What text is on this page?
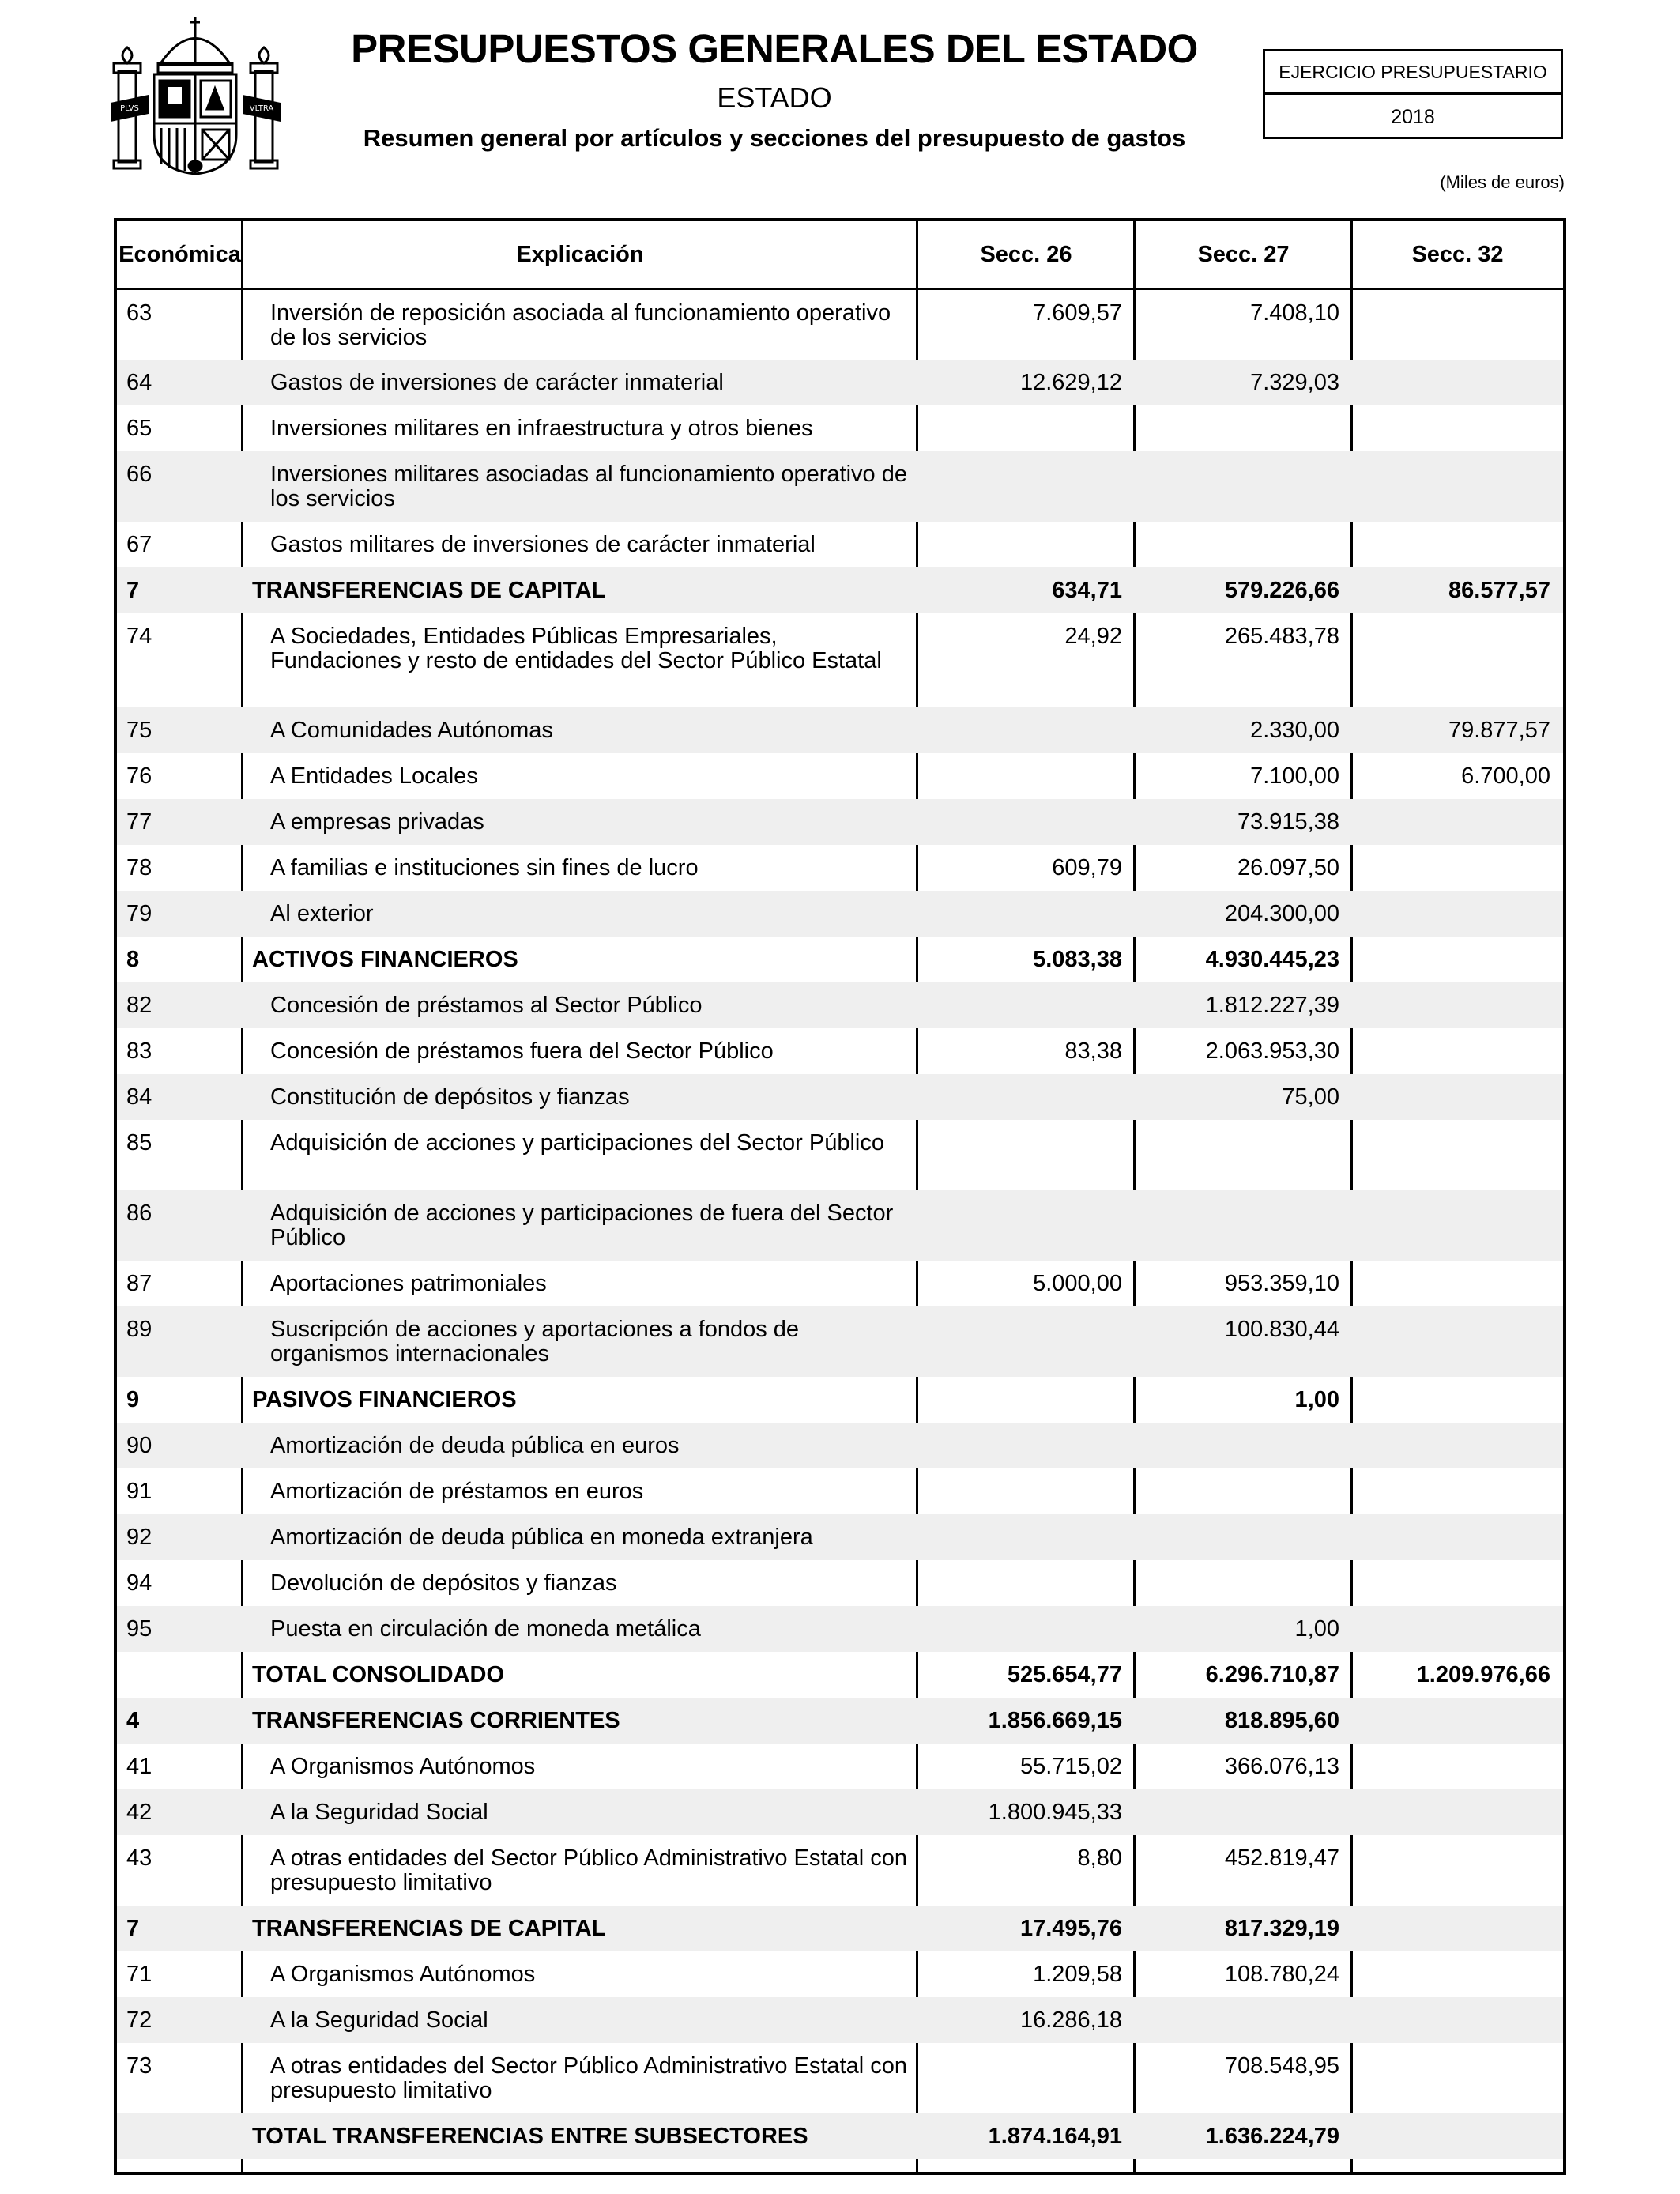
PLVS	VLTRA
PRESUPUESTOS GENERALES DEL ESTADO
ESTADO
Resumen general por artículos y secciones del presupuesto de gastos
EJERCICIO PRESUPUESTARIO
2018
(Miles de euros)
Económica	Explicación	Secc. 26	Secc. 27	Secc. 32
63	Inversión de reposición asociada al funcionamiento operativo de los servicios	7.609,57	7.408,10	
64	Gastos de inversiones de carácter inmaterial	12.629,12	7.329,03	
65	Inversiones militares en infraestructura y otros bienes			
66	Inversiones militares asociadas al funcionamiento operativo de los servicios			
67	Gastos militares de inversiones de carácter inmaterial			
7	TRANSFERENCIAS DE CAPITAL	634,71	579.226,66	86.577,57
74	A Sociedades, Entidades Públicas Empresariales, Fundaciones y resto de entidades del Sector Público Estatal	24,92	265.483,78	
75	A Comunidades Autónomas		2.330,00	79.877,57
76	A Entidades Locales		7.100,00	6.700,00
77	A empresas privadas		73.915,38	
78	A familias e instituciones sin fines de lucro	609,79	26.097,50	
79	Al exterior		204.300,00	
8	ACTIVOS FINANCIEROS	5.083,38	4.930.445,23	
82	Concesión de préstamos al Sector Público		1.812.227,39	
83	Concesión de préstamos fuera del Sector Público	83,38	2.063.953,30	
84	Constitución de depósitos y fianzas		75,00	
85	Adquisición de acciones y participaciones del Sector Público			
86	Adquisición de acciones y participaciones de fuera del Sector Público			
87	Aportaciones patrimoniales	5.000,00	953.359,10	
89	Suscripción de acciones y aportaciones a fondos de organismos internacionales		100.830,44	
9	PASIVOS FINANCIEROS		1,00	
90	Amortización de deuda pública en euros			
91	Amortización de préstamos en euros			
92	Amortización de deuda pública en moneda extranjera			
94	Devolución de depósitos y fianzas			
95	Puesta en circulación de moneda metálica		1,00	
	TOTAL CONSOLIDADO	525.654,77	6.296.710,87	1.209.976,66
4	TRANSFERENCIAS CORRIENTES	1.856.669,15	818.895,60	
41	A Organismos Autónomos	55.715,02	366.076,13	
42	A la Seguridad Social	1.800.945,33		
43	A otras entidades del Sector Público Administrativo Estatal con presupuesto limitativo	8,80	452.819,47	
7	TRANSFERENCIAS DE CAPITAL	17.495,76	817.329,19	
71	A Organismos Autónomos	1.209,58	108.780,24	
72	A la Seguridad Social	16.286,18		
73	A otras entidades del Sector Público Administrativo Estatal con presupuesto limitativo		708.548,95	
	TOTAL TRANSFERENCIAS ENTRE SUBSECTORES	1.874.164,91	1.636.224,79	
